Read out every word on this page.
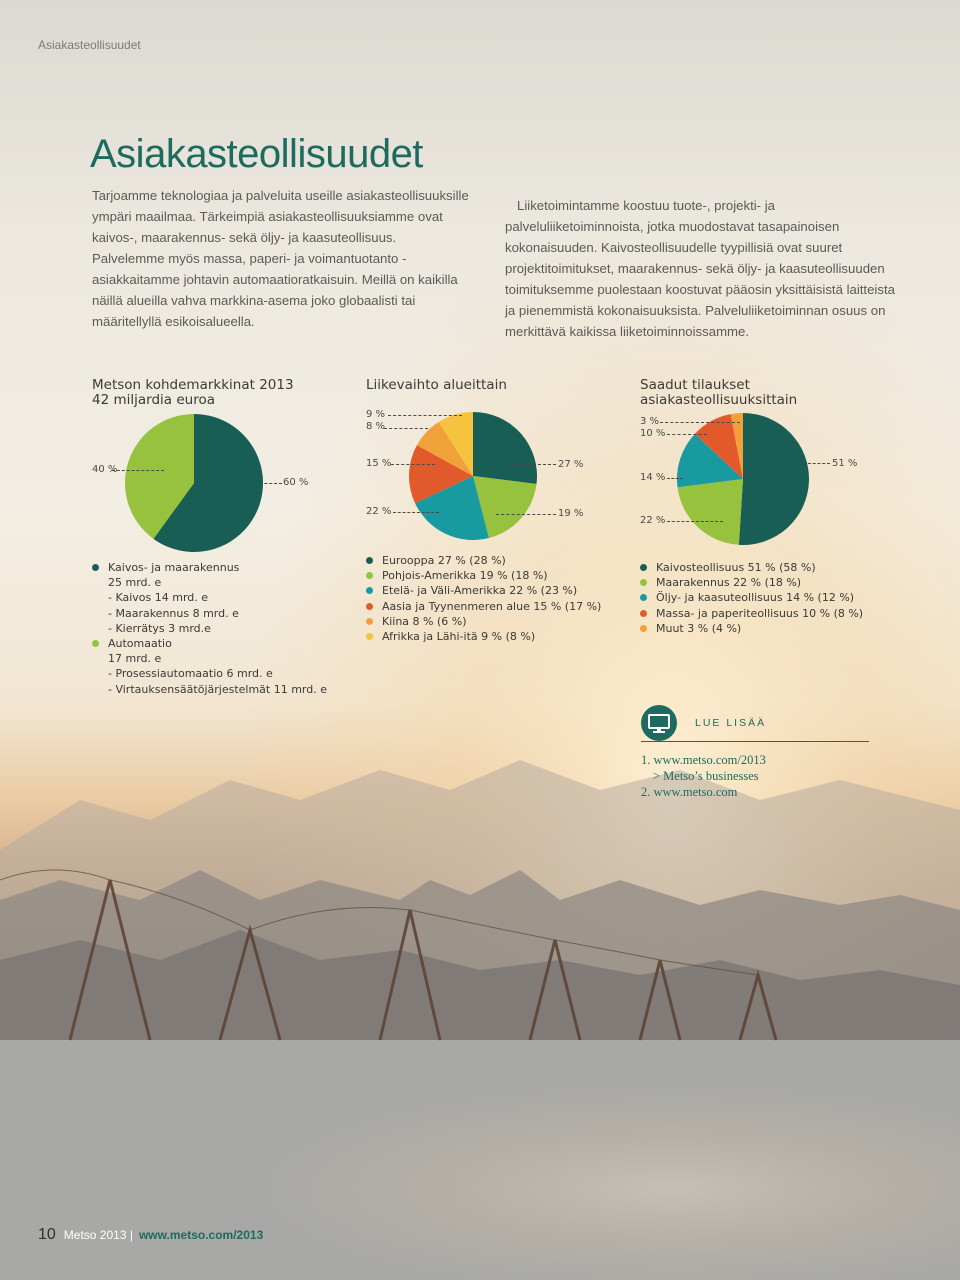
Asiakasteollisuudet
Asiakasteollisuudet

Tarjoamme teknologiaa ja palveluita useille asiakasteollisuuksille ympäri maailmaa. Tärkeimpiä asiakasteollisuuksiamme ovat kaivos-, maarakennus- sekä öljy- ja kaasuteollisuus. Palvelemme myös massa, paperi- ja voimantuotanto -asiakkaitamme johtavin automaatioratkaisuin. Meillä on kaikilla näillä alueilla vahva markkina-asema joko globaalisti tai määritellyllä esikoisalueella.

Liiketoimintamme koostuu tuote-, projekti- ja palveluliiketoiminnoista, jotka muodostavat tasapainoisen kokonaisuuden. Kaivosteollisuudelle tyypillisiä ovat suuret projektitoimitukset, maarakennus- sekä öljy- ja kaasuteollisuuden toimituksemme puolestaan koostuvat pääosin yksittäisistä laitteista ja pienemmistä kokonaisuuksista. Palveluliiketoiminnan osuus on merkittävä kaikissa liiketoiminnoissamme.

Metson kohdemarkkinat 2013
42 miljardia euroa
40 %
60 %
Liikevaihto alueittain
9 %
8 %
15 %	27 %
22 %	19 %
Saadut tilaukset
asiakasteollisuuksittain
3 %
10 %
51 %
14 %
22 %
Kaivos- ja maarakennus
25 mrd. e
- Kaivos 14 mrd. e
- Maarakennus 8 mrd. e
- Kierrätys 3 mrd.e
Automaatio
17 mrd. e
- Prosessiautomaatio 6 mrd. e
- Virtauksensäätöjärjestelmät 11 mrd. e
Eurooppa 27 % (28 %)
Pohjois-Amerikka 19 % (18 %)
Etelä- ja Väli-Amerikka 22 % (23 %)
Aasia ja Tyynenmeren alue 15 % (17 %)
Kiina 8 % (6 %)
Afrikka ja Lähi-itä 9 % (8 %)
Kaivosteollisuus 51 % (58 %)
Maarakennus 22 % (18 %)
Öljy- ja kaasuteollisuus 14 % (12 %)
Massa- ja paperiteollisuus 10 % (8 %)
Muut 3 % (4 %)
LUE LISÄÄ
1. www.metso.com/2013
> Metso’s businesses
2. www.metso.com
10 Metso 2013 | www.metso.com/2013
